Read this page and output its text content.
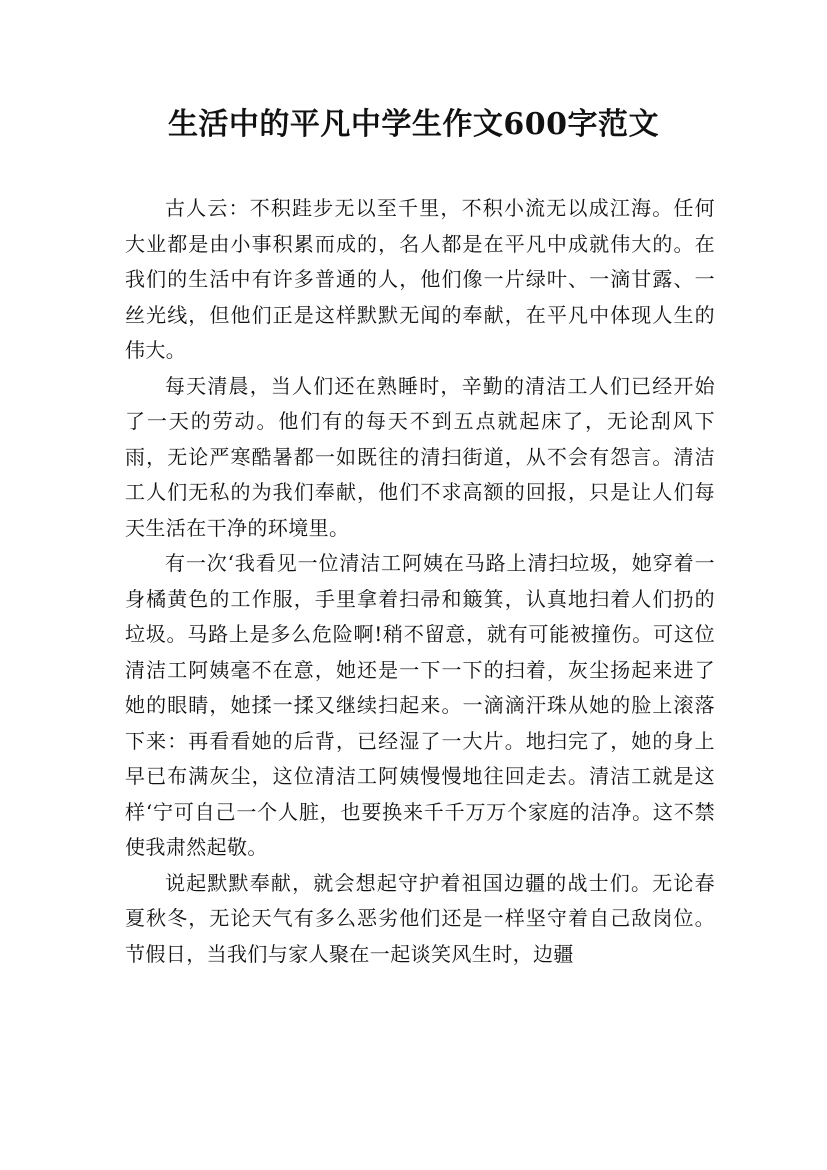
生活中的平凡中学生作文600字范文

古人云：不积跬步无以至千里，不积小流无以成江海。任何大业都是由小事积累而成的，名人都是在平凡中成就伟大的。在我们的生活中有许多普通的人，他们像一片绿叶、一滴甘露、一丝光线，但他们正是这样默默无闻的奉献，在平凡中体现人生的伟大。

每天清晨，当人们还在熟睡时，辛勤的清洁工人们已经开始了一天的劳动。他们有的每天不到五点就起床了，无论刮风下雨，无论严寒酷暑都一如既往的清扫街道，从不会有怨言。清洁工人们无私的为我们奉献，他们不求高额的回报，只是让人们每天生活在干净的环境里。

有一次‘我看见一位清洁工阿姨在马路上清扫垃圾，她穿着一身橘黄色的工作服，手里拿着扫帚和簸箕，认真地扫着人们扔的垃圾。马路上是多么危险啊!稍不留意，就有可能被撞伤。可这位清洁工阿姨毫不在意，她还是一下一下的扫着，灰尘扬起来进了她的眼睛，她揉一揉又继续扫起来。一滴滴汗珠从她的脸上滚落下来：再看看她的后背，已经湿了一大片。地扫完了，她的身上早已布满灰尘，这位清洁工阿姨慢慢地往回走去。清洁工就是这样‘宁可自己一个人脏，也要换来千千万万个家庭的洁净。这不禁使我肃然起敬。

说起默默奉献，就会想起守护着祖国边疆的战士们。无论春夏秋冬，无论天气有多么恶劣他们还是一样坚守着自己敌岗位。节假日，当我们与家人聚在一起谈笑风生时，边疆
